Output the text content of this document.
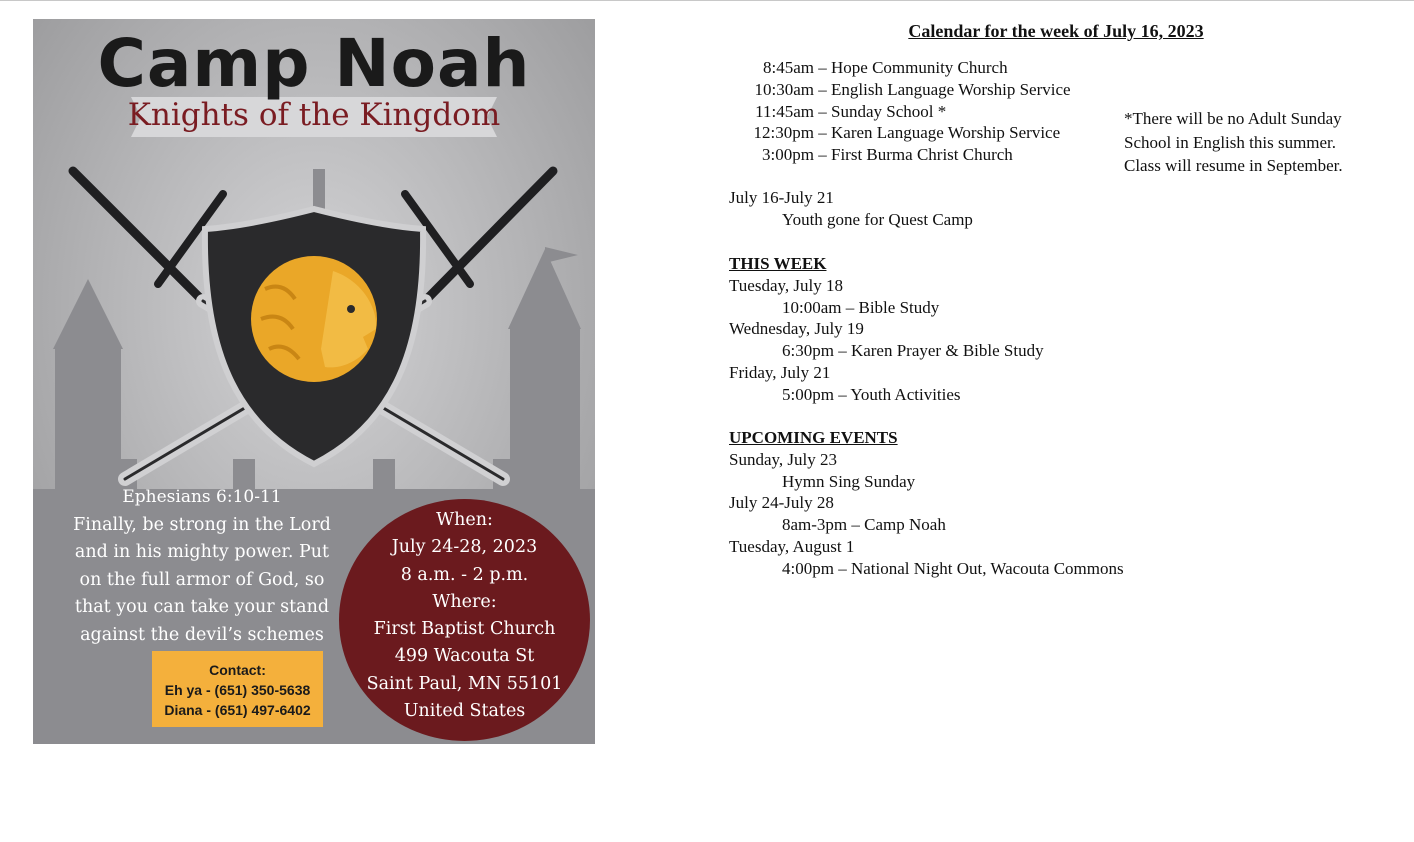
Camp Noah
Knights of the Kingdom
Ephesians 6:10-11
Finally, be strong in the Lord
and in his mighty power. Put
on the full armor of God, so
that you can take your stand
against the devil’s schemes
Contact:
Eh ya - (651) 350-5638
Diana - (651) 497-6402
When:
July 24-28, 2023
8 a.m. - 2 p.m.
Where:
First Baptist Church
499 Wacouta St
Saint Paul, MN 55101
United States
Calendar for the week of July 16, 2023
8:45am – Hope Community Church
10:30am – English Language Worship Service
11:45am – Sunday School *
12:30pm – Karen Language Worship Service
3:00pm – First Burma Christ Church
*There will be no Adult Sunday
School in English this summer.
Class will resume in September.
July 16-July 21
Youth gone for Quest Camp
THIS WEEK
Tuesday, July 18
10:00am – Bible Study
Wednesday, July 19
6:30pm – Karen Prayer & Bible Study
Friday, July 21
5:00pm – Youth Activities
UPCOMING EVENTS
Sunday, July 23
Hymn Sing Sunday
July 24-July 28
8am-3pm – Camp Noah
Tuesday, August 1
4:00pm – National Night Out, Wacouta Commons
